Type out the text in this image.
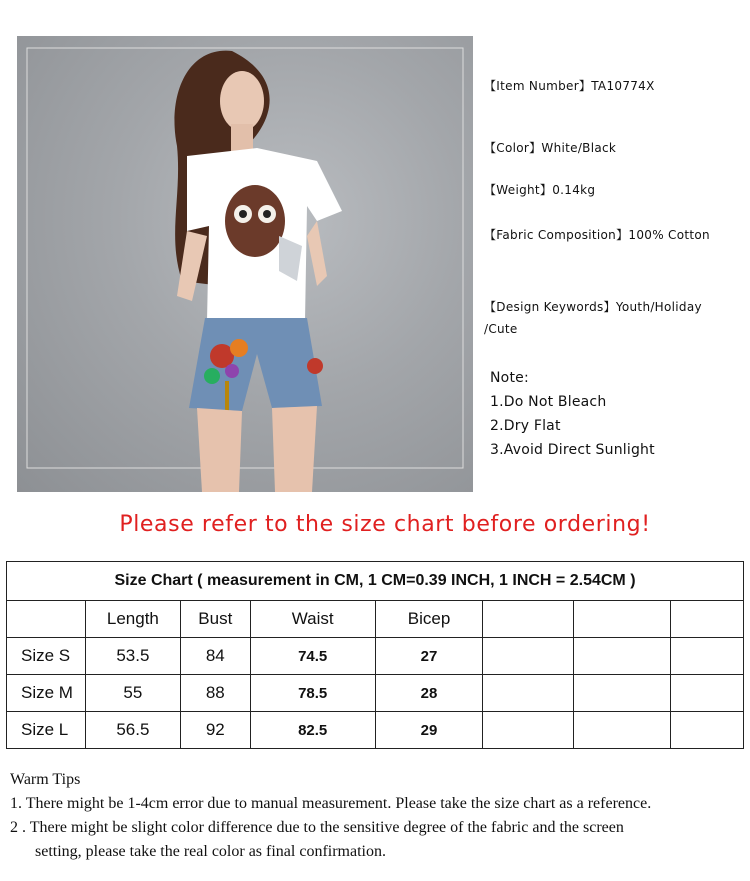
【Item Number】TA10774X
【Color】White/Black
【Weight】0.14kg
【Fabric Composition】100% Cotton
【Design Keywords】Youth/Holiday
/Cute
Note:
1.Do Not Bleach
2.Dry Flat
3.Avoid Direct Sunlight
Please refer to the size chart before ordering!
Size Chart ( measurement in CM, 1 CM=0.39 INCH, 1 INCH = 2.54CM )							
	Length	Bust	Waist	Bicep			
Size S	53.5	84	74.5	27			
Size M	55	88	78.5	28			
Size L	56.5	92	82.5	29			
Warm Tips
1. There might be 1-4cm error due to manual measurement. Please take the size chart as a reference.
2 . There might be slight color difference due to the sensitive degree of the fabric and the screen
setting, please take the real color as final confirmation.
